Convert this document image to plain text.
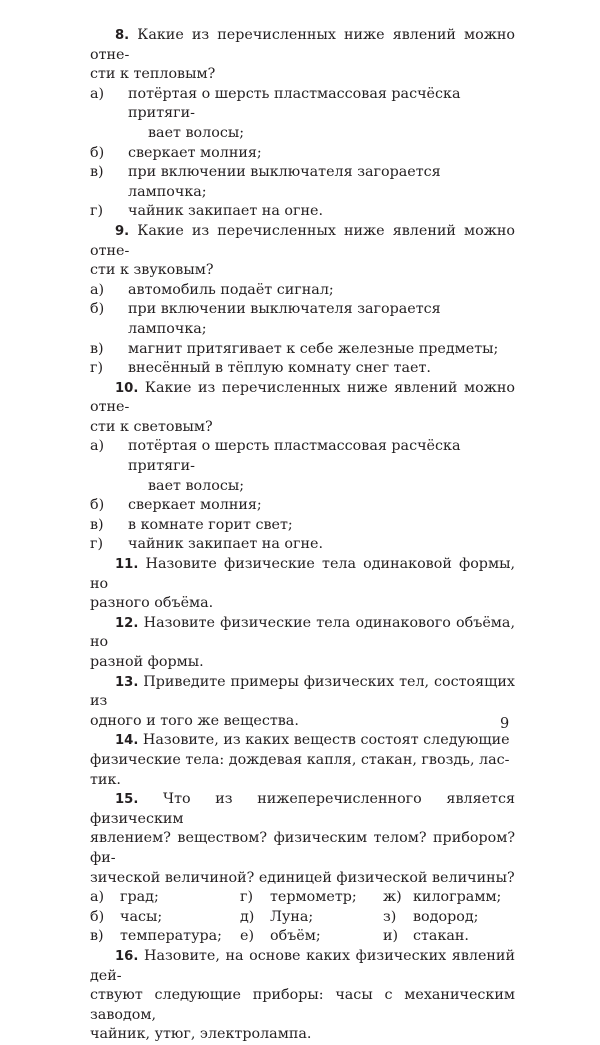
8. Какие из перечисленных ниже явлений можно отне-
сти к тепловым?

а)	потёртая о шерсть пластмассовая расчёска притяги-
вает волосы;
б)	сверкает молния;
в)	при включении выключателя загорается лампочка;
г)	чайник закипает на огне.

9. Какие из перечисленных ниже явлений можно отне-
сти к звуковым?

а)	автомобиль подаёт сигнал;
б)	при включении выключателя загорается лампочка;
в)	магнит притягивает к себе железные предметы;
г)	внесённый в тёплую комнату снег тает.

10. Какие из перечисленных ниже явлений можно отне-
сти к световым?

а)	потёртая о шерсть пластмассовая расчёска притяги-
вает волосы;
б)	сверкает молния;
в)	в комнате горит свет;
г)	чайник закипает на огне.

11. Назовите физические тела одинаковой формы, но
разного объёма.

12. Назовите физические тела одинакового объёма, но
разной формы.

13. Приведите примеры физических тел, состоящих из
одного и того же вещества.

14. Назовите, из каких веществ состоят следующие
физические тела: дождевая капля, стакан, гвоздь, лас-
тик.

15. Что из нижеперечисленного является физическим
явлением? веществом? физическим телом? прибором? фи-
зической величиной? единицей физической величины?

а) град;	г) термометр;	ж) килограмм;
б) часы;	д) Луна;	з) водород;
в) температура;	е) объём;	и) стакан.

16. Назовите, на основе каких физических явлений дей-
ствуют следующие приборы: часы с механическим заводом,
чайник, утюг, электролампа.

9
